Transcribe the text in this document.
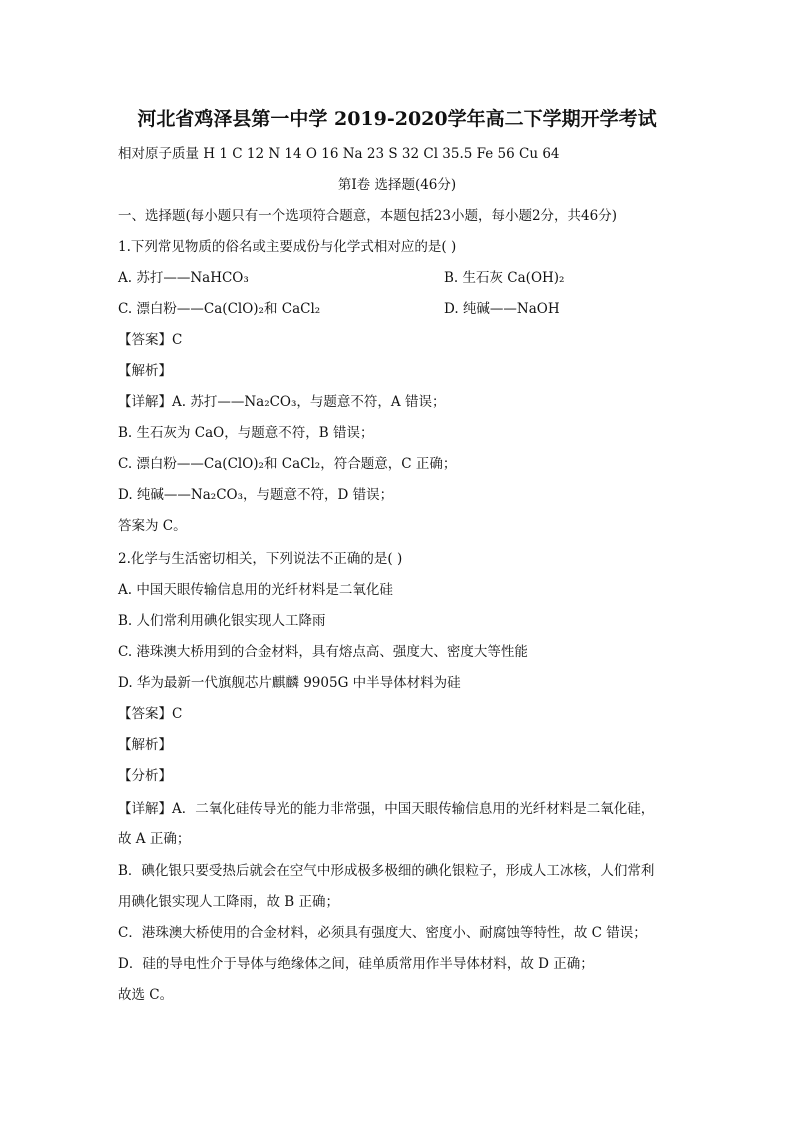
河北省鸡泽县第一中学 2019-2020学年高二下学期开学考试
相对原子质量 H 1 C 12 N 14 O 16 Na 23 S 32 Cl 35.5 Fe 56 Cu 64
第Ⅰ卷 选择题(46分)
一、选择题(每小题只有一个选项符合题意，本题包括23小题，每小题2分，共46分)
1.下列常见物质的俗名或主要成份与化学式相对应的是( )
A. 苏打——NaHCO₃	B. 生石灰 Ca(OH)₂
C. 漂白粉——Ca(ClO)₂和 CaCl₂	D. 纯碱——NaOH
【答案】C
【解析】
【详解】A. 苏打——Na₂CO₃，与题意不符，A 错误；
B. 生石灰为 CaO，与题意不符，B 错误；
C. 漂白粉——Ca(ClO)₂和 CaCl₂，符合题意，C 正确；
D. 纯碱——Na₂CO₃，与题意不符，D 错误；
答案为 C。
2.化学与生活密切相关，下列说法不正确的是( )
A. 中国天眼传输信息用的光纤材料是二氧化硅
B. 人们常利用碘化银实现人工降雨
C. 港珠澳大桥用到的合金材料，具有熔点高、强度大、密度大等性能
D. 华为最新一代旗舰芯片麒麟 9905G 中半导体材料为硅
【答案】C
【解析】
【分析】
【详解】A．二氧化硅传导光的能力非常强，中国天眼传输信息用的光纤材料是二氧化硅，
故 A 正确；
B．碘化银只要受热后就会在空气中形成极多极细的碘化银粒子，形成人工冰核，人们常利
用碘化银实现人工降雨，故 B 正确；
C．港珠澳大桥使用的合金材料，必须具有强度大、密度小、耐腐蚀等特性，故 C 错误；
D．硅的导电性介于导体与绝缘体之间，硅单质常用作半导体材料，故 D 正确；
故选 C。
